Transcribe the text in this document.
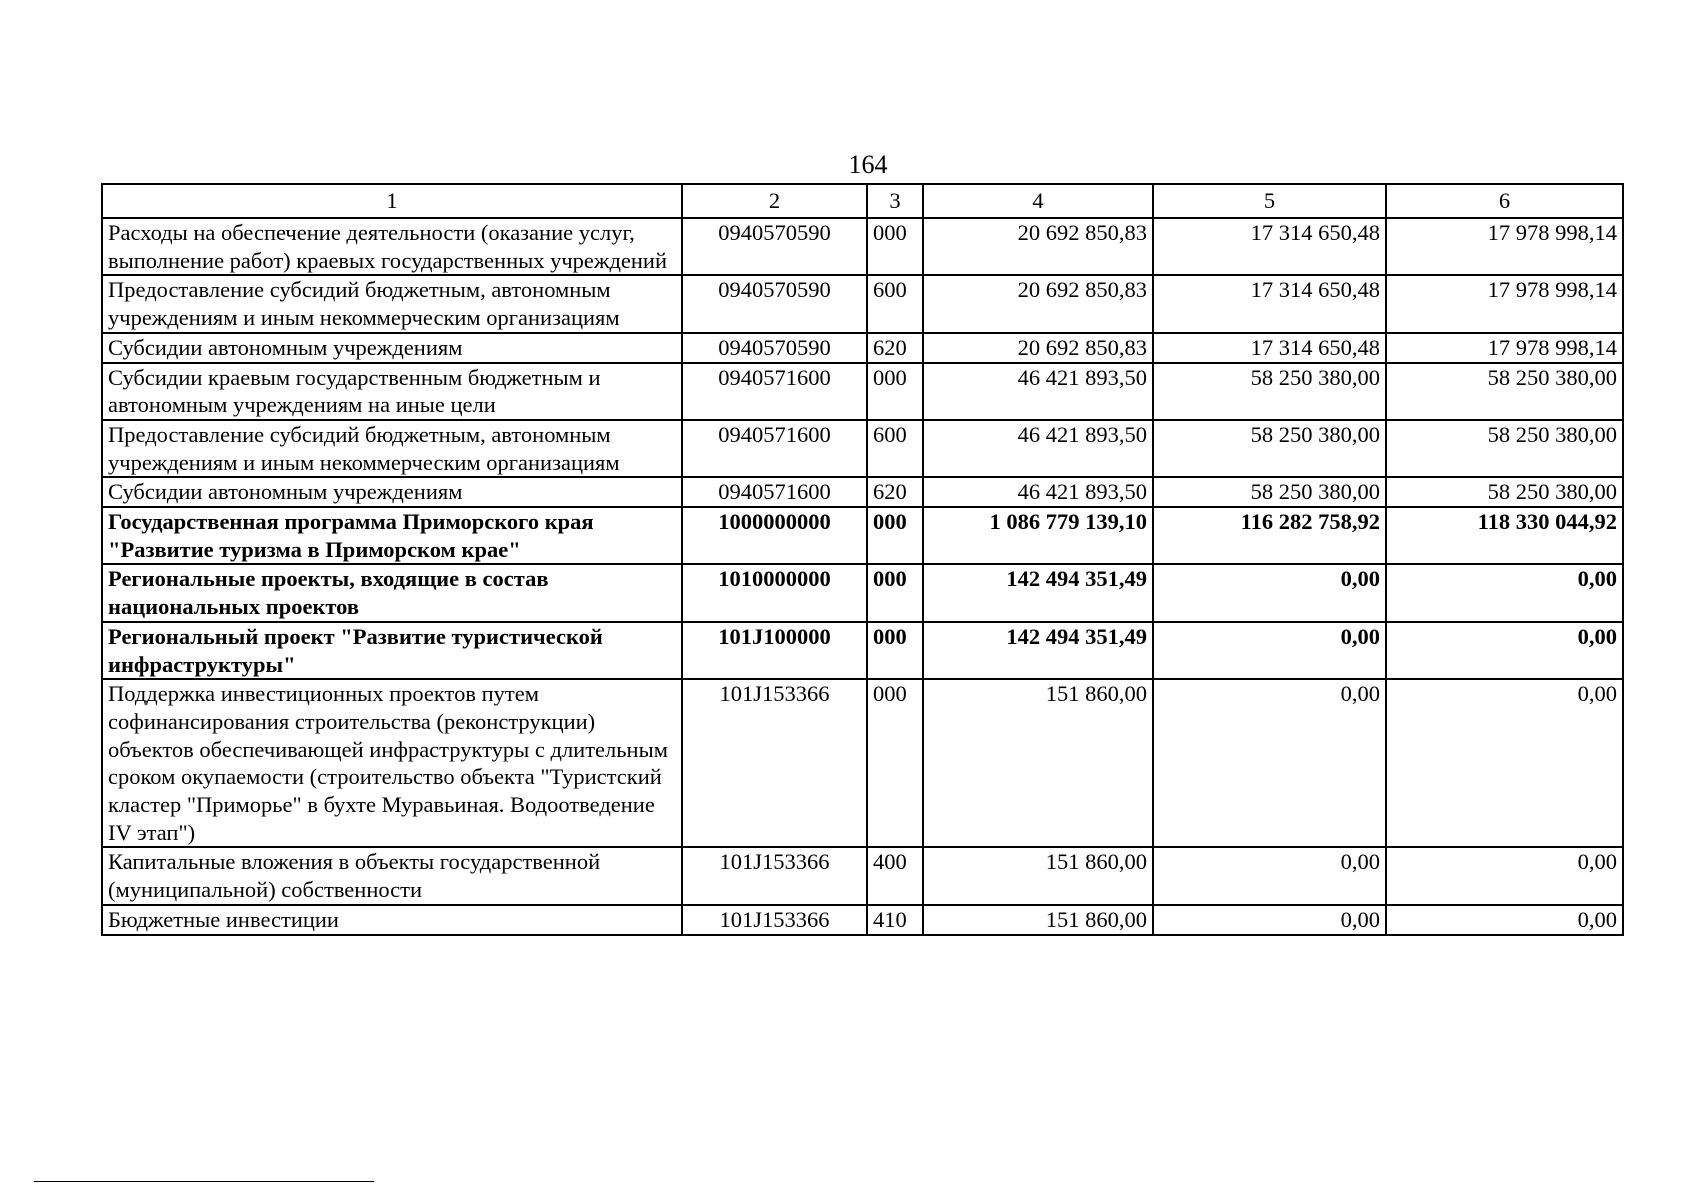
164
1	2	3	4	5	6
Расходы на обеспечение деятельности (оказание услуг, выполнение работ) краевых государственных учреждений	0940570590	000	20 692 850,83	17 314 650,48	17 978 998,14
Предоставление субсидий бюджетным, автономным учреждениям и иным некоммерческим организациям	0940570590	600	20 692 850,83	17 314 650,48	17 978 998,14
Субсидии автономным учреждениям	0940570590	620	20 692 850,83	17 314 650,48	17 978 998,14
Субсидии краевым государственным бюджетным и автономным учреждениям на иные цели	0940571600	000	46 421 893,50	58 250 380,00	58 250 380,00
Предоставление субсидий бюджетным, автономным учреждениям и иным некоммерческим организациям	0940571600	600	46 421 893,50	58 250 380,00	58 250 380,00
Субсидии автономным учреждениям	0940571600	620	46 421 893,50	58 250 380,00	58 250 380,00
Государственная программа Приморского края "Развитие туризма в Приморском крае"	1000000000	000	1 086 779 139,10	116 282 758,92	118 330 044,92
Региональные проекты, входящие в состав национальных проектов	1010000000	000	142 494 351,49	0,00	0,00
Региональный проект "Развитие туристической инфраструктуры"	101J100000	000	142 494 351,49	0,00	0,00
Поддержка инвестиционных проектов путем софинансирования строительства (реконструкции) объектов обеспечивающей инфраструктуры с длительным сроком окупаемости (строительство объекта "Туристский кластер "Приморье" в бухте Муравьиная. Водоотведение IV этап")	101J153366	000	151 860,00	0,00	0,00
Капитальные вложения в объекты государственной (муниципальной) собственности	101J153366	400	151 860,00	0,00	0,00
Бюджетные инвестиции	101J153366	410	151 860,00	0,00	0,00
